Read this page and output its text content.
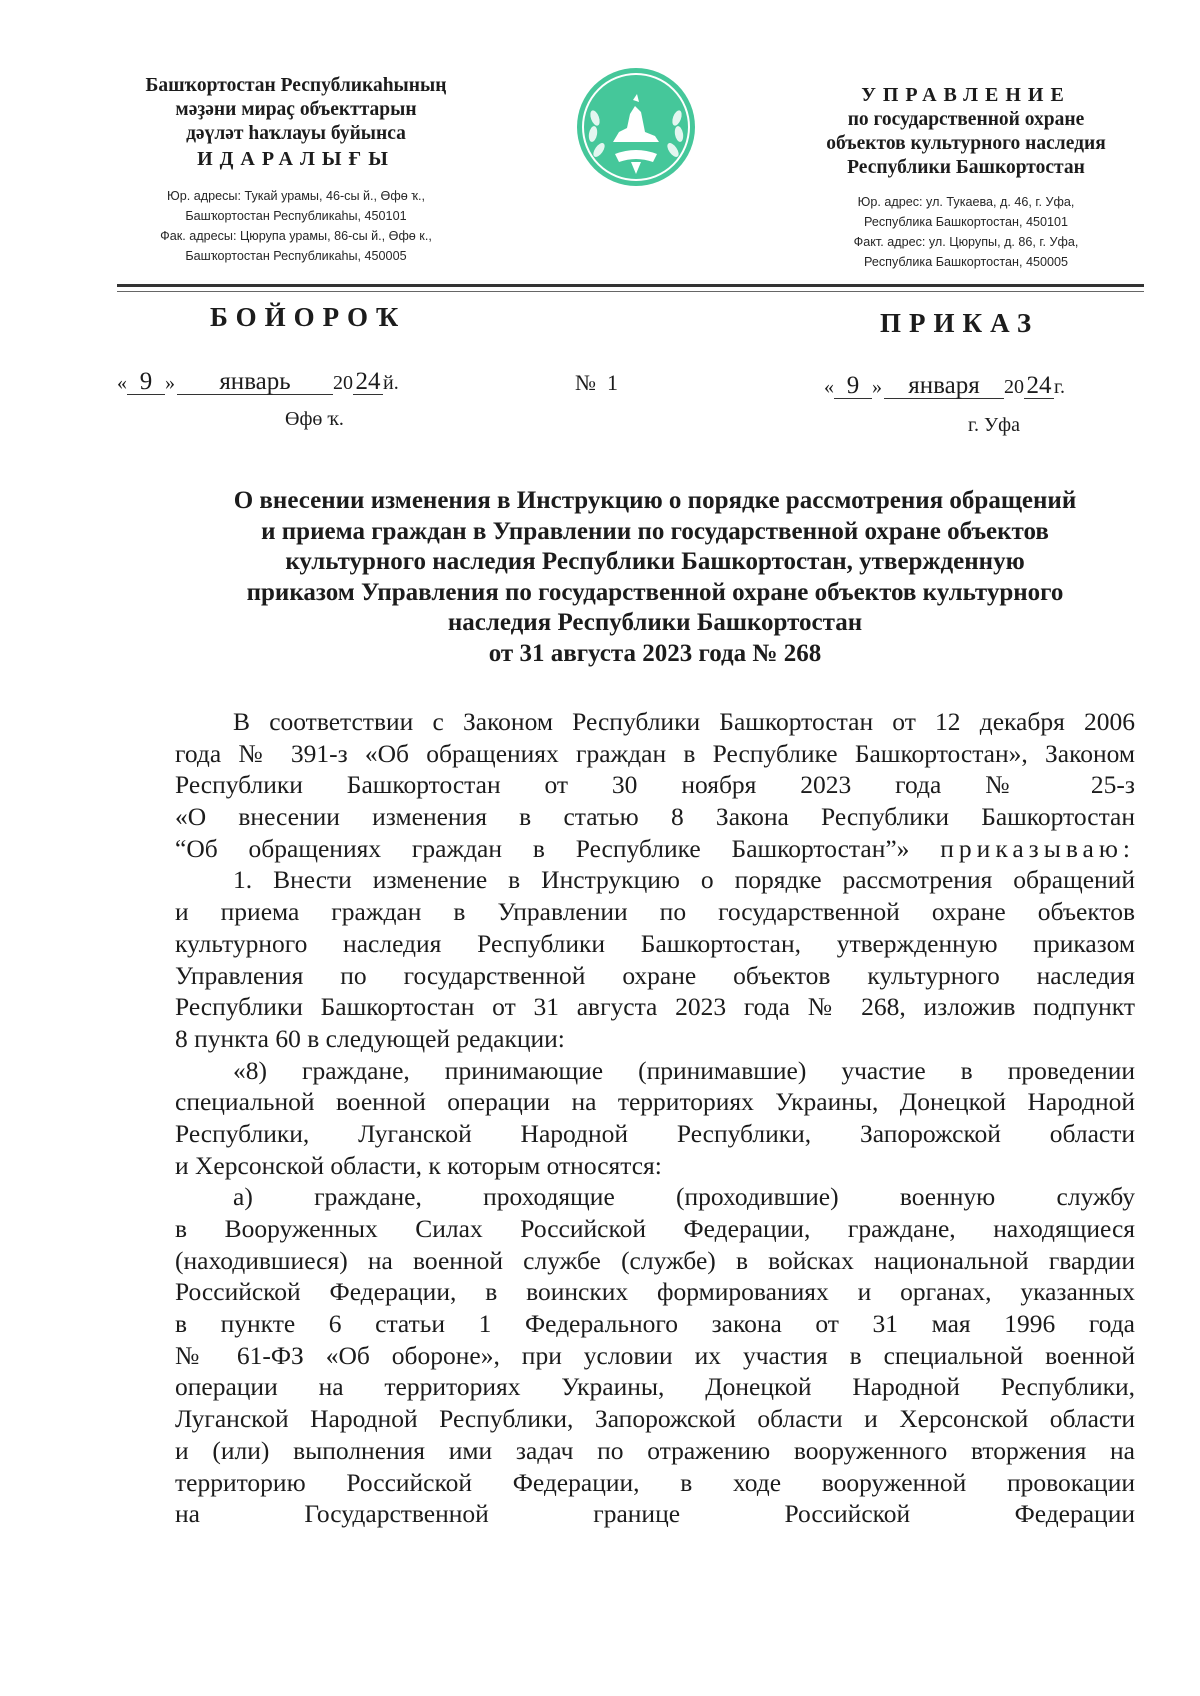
Башҡортостан Республикаһының
мәҙәни мираҫ объекттарын
дәүләт һаҡлауы буйынса
ИДАРАЛЫҒЫ
Юр. адресы: Тукай урамы, 46-сы й., Өфө ҡ.,
Башҡортостан Республикаһы, 450101
Фак. адресы: Цюрупа урамы, 86-сы й., Өфө к.,
Башҡортостан Республикаһы, 450005
УПРАВЛЕНИЕ
по государственной охране
объектов культурного наследия
Республики Башкортостан
Юр. адрес: ул. Тукаева, д. 46, г. Уфа,
Республика Башкортостан, 450101
Факт. адрес: ул. Цюрупы, д. 86, г. Уфа,
Республика Башкортостан, 450005
БОЙОРОҠ	ПРИКАЗ
« 9 » январь 20 24 й.	№ 1	« 9 » января 20 24 г.
Өфө ҡ.	г. Уфа
О внесении изменения в Инструкцию о порядке рассмотрения обращений
и приема граждан в Управлении по государственной охране объектов
культурного наследия Республики Башкортостан, утвержденную
приказом Управления по государственной охране объектов культурного
наследия Республики Башкортостан
от 31 августа 2023 года № 268
В соответствии с Законом Республики Башкортостан от 12 декабря 2006
года № 391-з «Об обращениях граждан в Республике Башкортостан», Законом
Республики Башкортостан от 30 ноября 2023 года № 25-з
«О внесении изменения в статью 8 Закона Республики Башкортостан
“Об обращениях граждан в Республике Башкортостан”» приказываю:
1. Внести изменение в Инструкцию о порядке рассмотрения обращений
и приема граждан в Управлении по государственной охране объектов
культурного наследия Республики Башкортостан, утвержденную приказом
Управления по государственной охране объектов культурного наследия
Республики Башкортостан от 31 августа 2023 года № 268, изложив подпункт
8 пункта 60 в следующей редакции:
«8) граждане, принимающие (принимавшие) участие в проведении
специальной военной операции на территориях Украины, Донецкой Народной
Республики, Луганской Народной Республики, Запорожской области
и Херсонской области, к которым относятся:
а) граждане, проходящие (проходившие) военную службу
в Вооруженных Силах Российской Федерации, граждане, находящиеся
(находившиеся) на военной службе (службе) в войсках национальной гвардии
Российской Федерации, в воинских формированиях и органах, указанных
в пункте 6 статьи 1 Федерального закона от 31 мая 1996 года
№ 61-ФЗ «Об обороне», при условии их участия в специальной военной
операции на территориях Украины, Донецкой Народной Республики,
Луганской Народной Республики, Запорожской области и Херсонской области
и (или) выполнения ими задач по отражению вооруженного вторжения на
территорию Российской Федерации, в ходе вооруженной провокации
на Государственной границе Российской Федерации
